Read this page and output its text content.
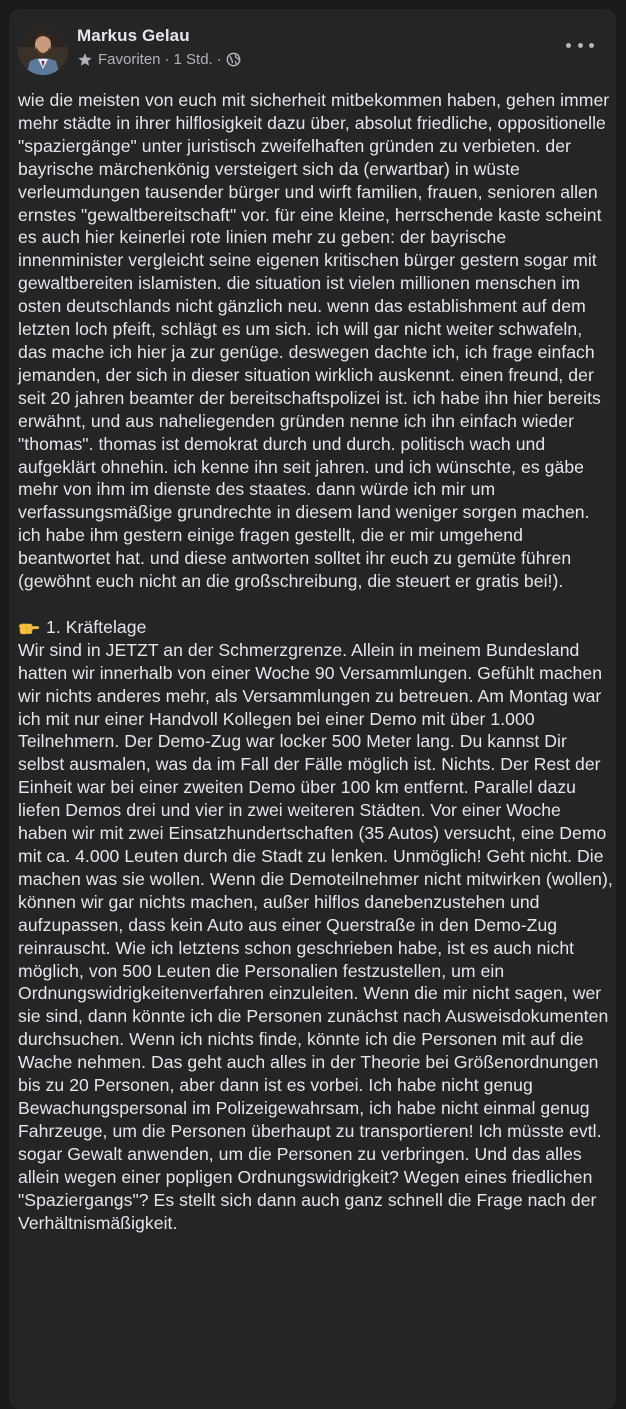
Markus Gelau
Favoriten · 1 Std. ·

wie die meisten von euch mit sicherheit mitbekommen haben, gehen immer mehr städte in ihrer hilflosigkeit dazu über, absolut friedliche, oppositionelle "spaziergänge" unter juristisch zweifelhaften gründen zu verbieten. der bayrische märchenkönig versteigert sich da (erwartbar) in wüste verleumdungen tausender bürger und wirft familien, frauen, senioren allen ernstes "gewaltbereitschaft" vor. für eine kleine, herrschende kaste scheint es auch hier keinerlei rote linien mehr zu geben: der bayrische innenminister vergleicht seine eigenen kritischen bürger gestern sogar mit gewaltbereiten islamisten. die situation ist vielen millionen menschen im osten deutschlands nicht gänzlich neu. wenn das establishment auf dem letzten loch pfeift, schlägt es um sich. ich will gar nicht weiter schwafeln, das mache ich hier ja zur genüge. deswegen dachte ich, ich frage einfach jemanden, der sich in dieser situation wirklich auskennt. einen freund, der seit 20 jahren beamter der bereitschaftspolizei ist. ich habe ihn hier bereits erwähnt, und aus naheliegenden gründen nenne ich ihn einfach wieder "thomas". thomas ist demokrat durch und durch. politisch wach und aufgeklärt ohnehin. ich kenne ihn seit jahren. und ich wünschte, es gäbe mehr von ihm im dienste des staates. dann würde ich mir um verfassungsmäßige grundrechte in diesem land weniger sorgen machen. ich habe ihm gestern einige fragen gestellt, die er mir umgehend beantwortet hat. und diese antworten solltet ihr euch zu gemüte führen (gewöhnt euch nicht an die großschreibung, die steuert er gratis bei!).

1. Kräftelage

Wir sind in JETZT an der Schmerzgrenze. Allein in meinem Bundesland hatten wir innerhalb von einer Woche 90 Versammlungen. Gefühlt machen wir nichts anderes mehr, als Versammlungen zu betreuen. Am Montag war ich mit nur einer Handvoll Kollegen bei einer Demo mit über 1.000 Teilnehmern. Der Demo-Zug war locker 500 Meter lang. Du kannst Dir selbst ausmalen, was da im Fall der Fälle möglich ist. Nichts. Der Rest der Einheit war bei einer zweiten Demo über 100 km entfernt. Parallel dazu liefen Demos drei und vier in zwei weiteren Städten. Vor einer Woche haben wir mit zwei Einsatzhundertschaften (35 Autos) versucht, eine Demo mit ca. 4.000 Leuten durch die Stadt zu lenken. Unmöglich! Geht nicht. Die machen was sie wollen. Wenn die Demoteilnehmer nicht mitwirken (wollen), können wir gar nichts machen, außer hilflos danebenzustehen und aufzupassen, dass kein Auto aus einer Querstraße in den Demo-Zug reinrauscht. Wie ich letztens schon geschrieben habe, ist es auch nicht möglich, von 500 Leuten die Personalien festzustellen, um ein Ordnungswidrigkeitenverfahren einzuleiten. Wenn die mir nicht sagen, wer sie sind, dann könnte ich die Personen zunächst nach Ausweisdokumenten durchsuchen. Wenn ich nichts finde, könnte ich die Personen mit auf die Wache nehmen. Das geht auch alles in der Theorie bei Größenordnungen bis zu 20 Personen, aber dann ist es vorbei. Ich habe nicht genug Bewachungspersonal im Polizeigewahrsam, ich habe nicht einmal genug Fahrzeuge, um die Personen überhaupt zu transportieren! Ich müsste evtl. sogar Gewalt anwenden, um die Personen zu verbringen. Und das alles allein wegen einer popligen Ordnungswidrigkeit? Wegen eines friedlichen "Spaziergangs"? Es stellt sich dann auch ganz schnell die Frage nach der Verhältnismäßigkeit.
